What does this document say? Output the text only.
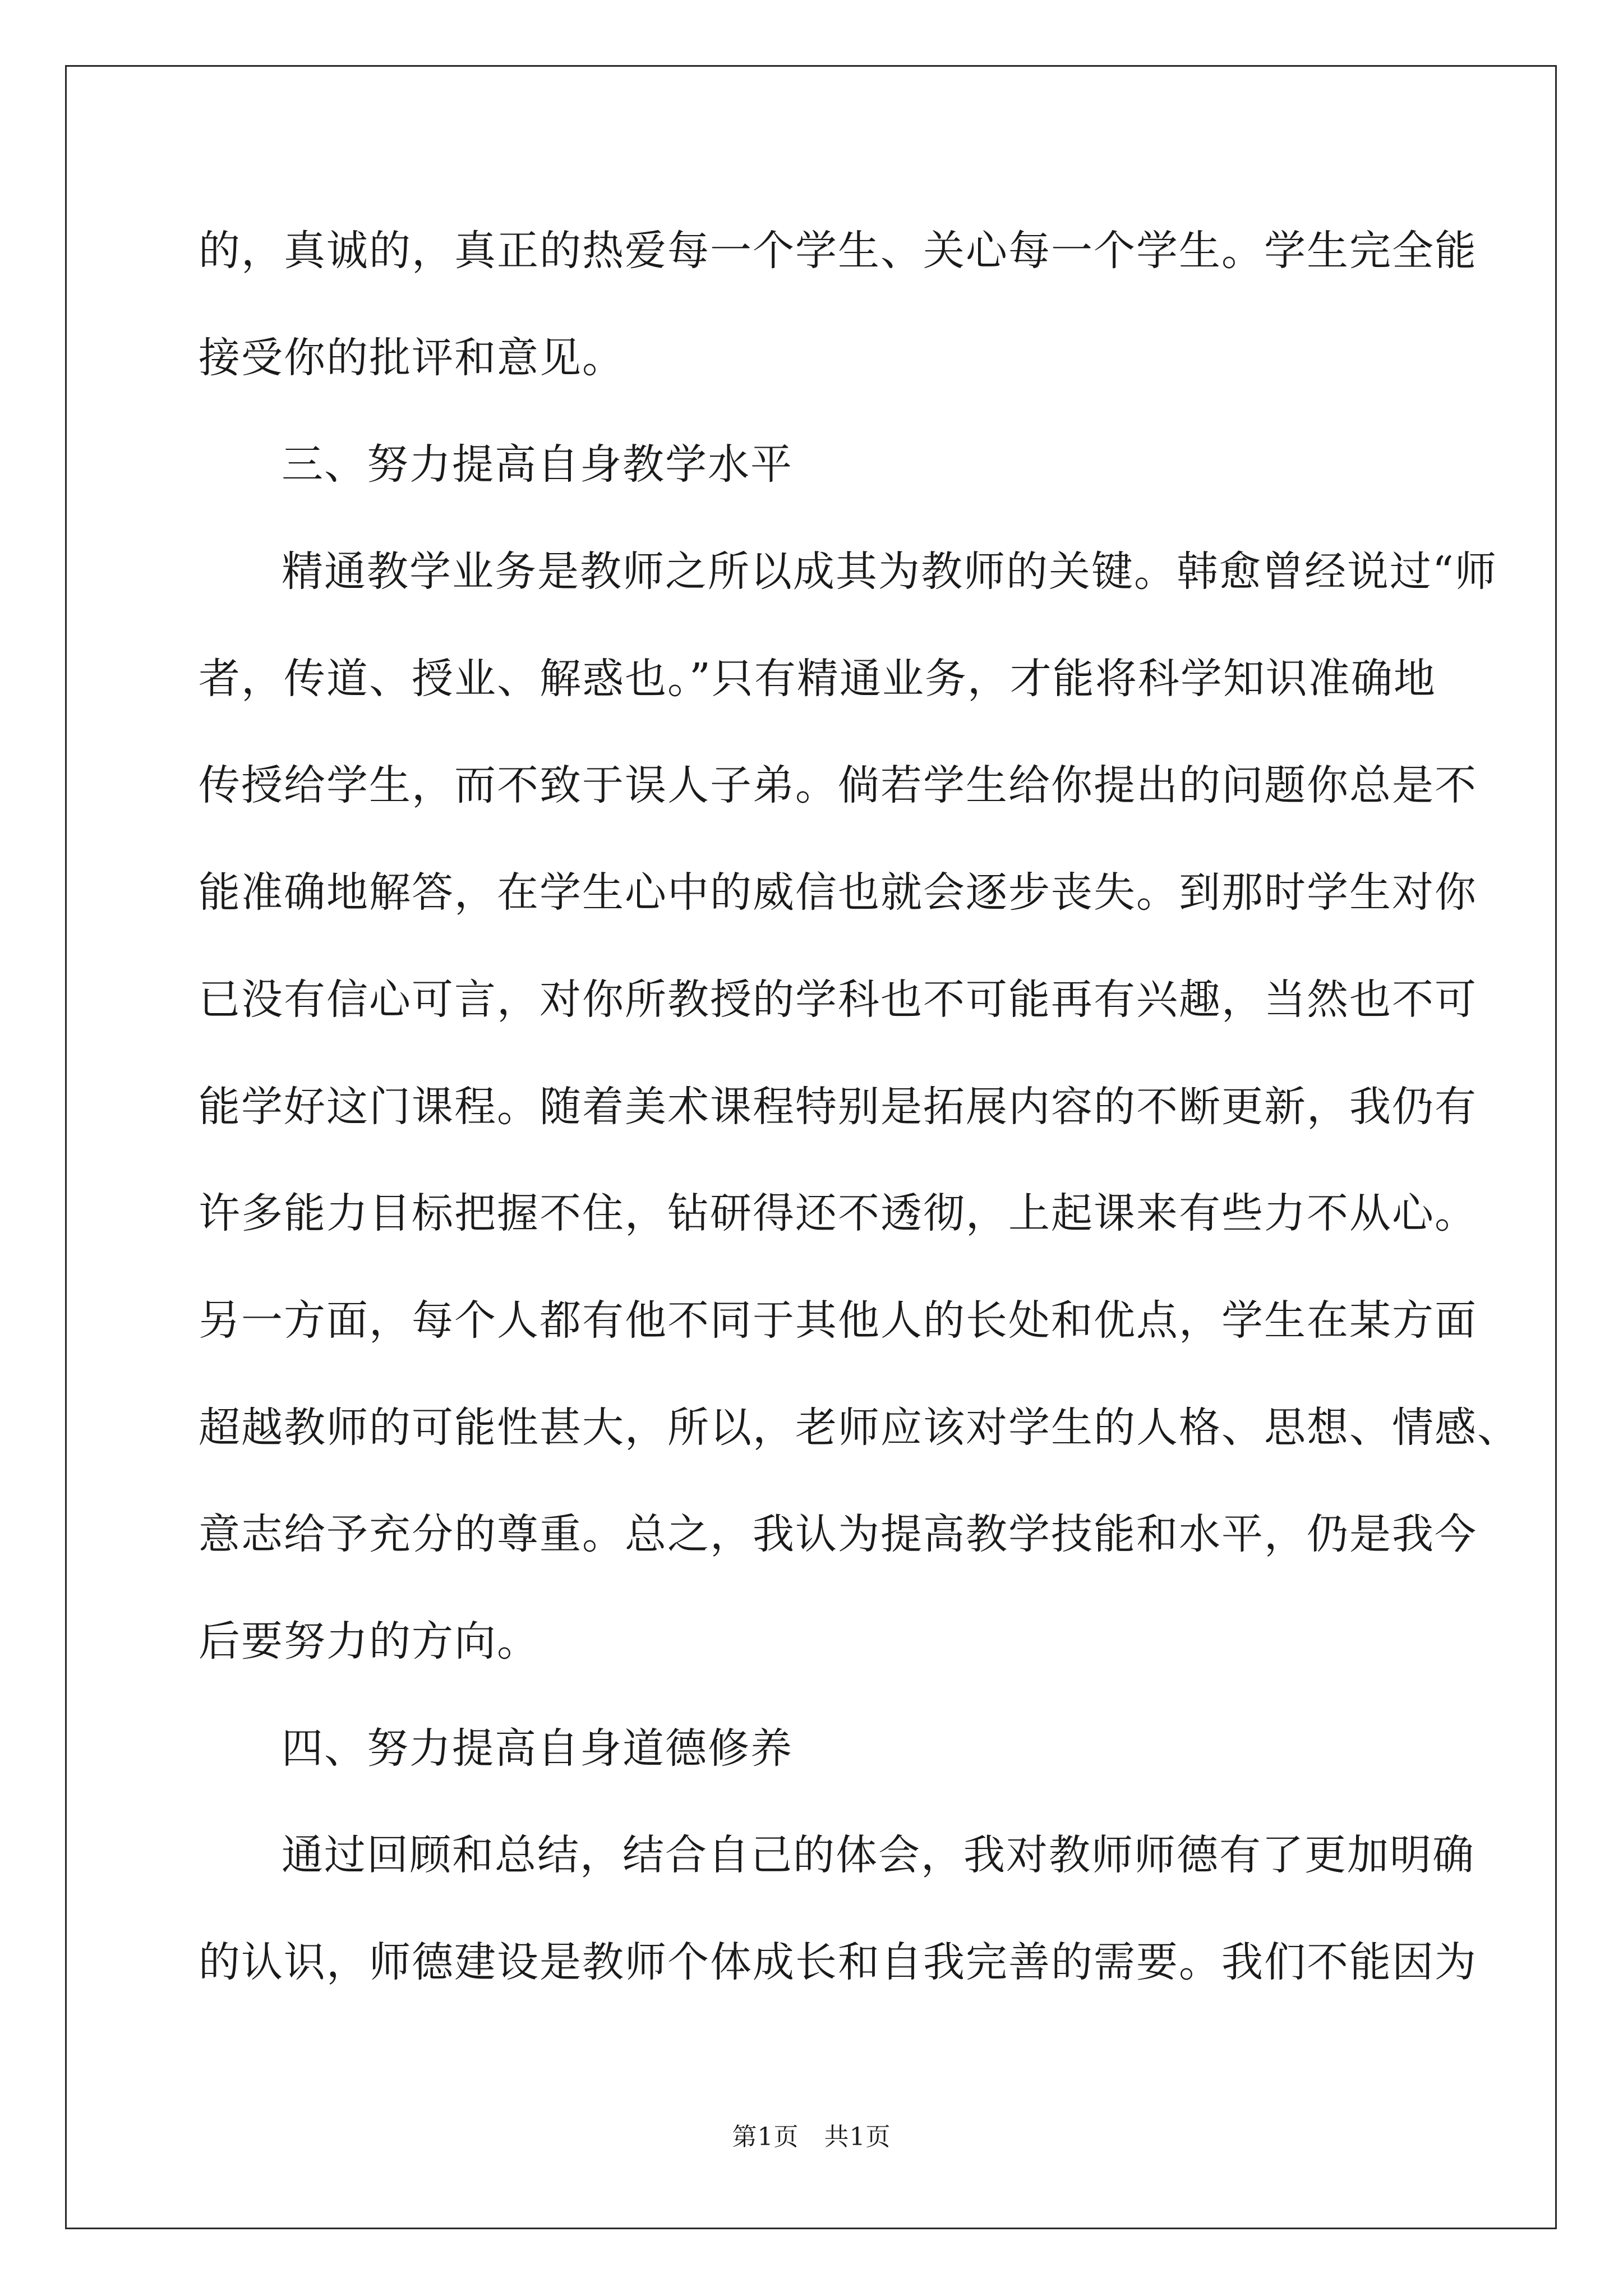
的，真诚的，真正的热爱每一个学生、关心每一个学生。学生完全能
接受你的批评和意见。
三、努力提高自身教学水平
精通教学业务是教师之所以成其为教师的关键。韩愈曾经说过“师
者，传道、授业、解惑也。”只有精通业务，才能将科学知识准确地
传授给学生，而不致于误人子弟。倘若学生给你提出的问题你总是不
能准确地解答，在学生心中的威信也就会逐步丧失。到那时学生对你
已没有信心可言，对你所教授的学科也不可能再有兴趣，当然也不可
能学好这门课程。随着美术课程特别是拓展内容的不断更新，我仍有
许多能力目标把握不住，钻研得还不透彻，上起课来有些力不从心。
另一方面，每个人都有他不同于其他人的长处和优点，学生在某方面
超越教师的可能性甚大，所以，老师应该对学生的人格、思想、情感、
意志给予充分的尊重。总之，我认为提高教学技能和水平，仍是我今
后要努力的方向。
四、努力提高自身道德修养
通过回顾和总结，结合自己的体会，我对教师师德有了更加明确
的认识，师德建设是教师个体成长和自我完善的需要。我们不能因为
第1页   共1页
